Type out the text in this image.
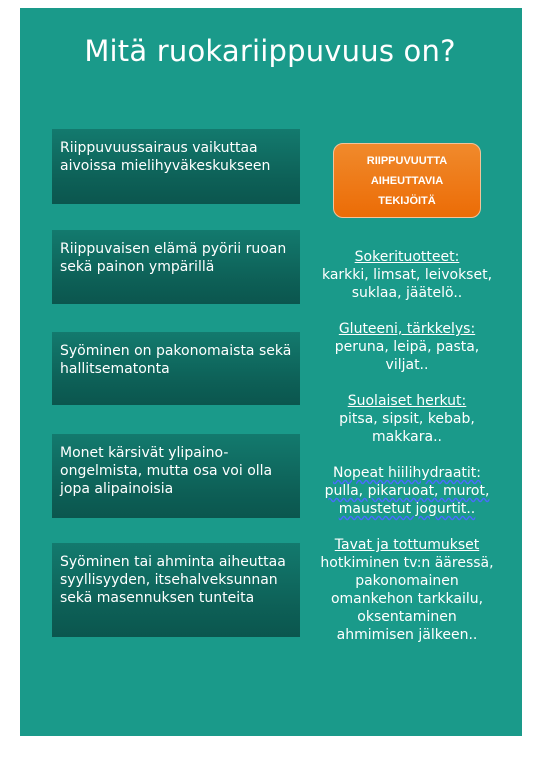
Mitä ruokariippuvuus on?
Riippuvuussairaus vaikuttaa aivoissa mielihyväkeskukseen
Riippuvaisen elämä pyörii ruoan sekä painon ympärillä
Syöminen on pakonomaista sekä hallitsematonta
Monet kärsivät ylipaino-ongelmista, mutta osa voi olla jopa alipainoisia
Syöminen tai ahminta aiheuttaa syyllisyyden, itsehalveksunnan sekä masennuksen tunteita
RIIPPUVUUTTA
AIHEUTTAVIA
TEKIJÖITÄ
Sokerituotteet:
karkki, limsat, leivokset, suklaa, jäätelö..
Gluteeni, tärkkelys:
peruna, leipä, pasta, viljat..
Suolaiset herkut:
pitsa, sipsit, kebab, makkara..
Nopeat hiilihydraatit:
pulla, pikaruoat, murot, maustetut jogurtit..
Tavat ja tottumukset
hotkiminen tv:n ääressä, pakonomainen omankehon tarkkailu, oksentaminen ahmimisen jälkeen..
